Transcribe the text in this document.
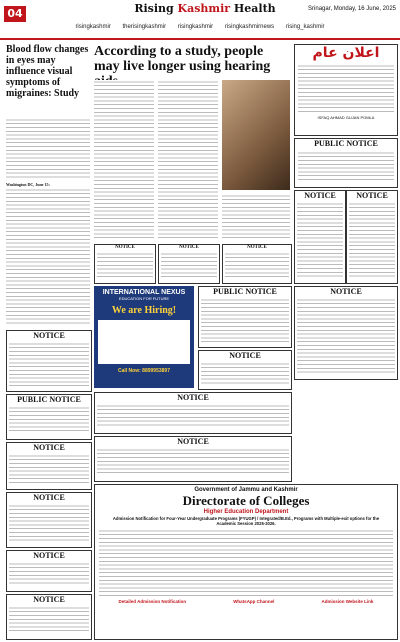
04	Rising Kashmir Health	Srinagar, Monday, 16 June, 2025
risingkashmir therisingkashmir risingkashmir risingkashmirnews rising_kashmir
Blood flow changes in eyes may influence visual symptoms of migraines: Study
Washington DC, June 15:
According to a study, people may live longer using hearing
NOTICE	NOTICE	NOTICE
اعلان عام
ISFAQ AHMAD GUJAN POMLA
PUBLIC NOTICE
NOTICE	NOTICE
INTERNATIONAL NEXUS
EDUCATION FOR FUTURE
We are Hiring!
Call Now: 8899953897
NOTICE
PUBLIC NOTICE
NOTICE
NOTICE
NOTICE
PUBLIC NOTICE
NOTICE
NOTICE
NOTICE
NOTICE
Government of Jammu and Kashmir
Directorate of Colleges
Higher Education Department
Admission Notification for Four-Year Undergraduate Programs (FYUGP) / Integrated/B.Ed., Programs with Multiple-exit options for the Academic Session 2025-2026.
Detailed Admission Notification	WhatsApp Channel	Admission Website Link
NOTICE
